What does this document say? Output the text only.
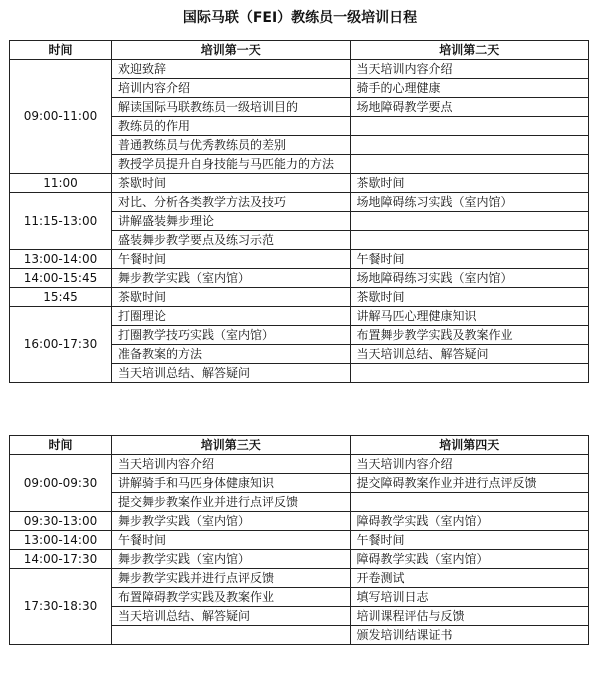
国际马联（FEI）教练员一级培训日程
时间	培训第一天	培训第二天
09:00-11:00	欢迎致辞	当天培训内容介绍
	培训内容介绍	骑手的心理健康
	解读国际马联教练员一级培训目的	场地障碍教学要点
	教练员的作用	
	普通教练员与优秀教练员的差别	
	教授学员提升自身技能与马匹能力的方法	
11:00	茶歇时间	茶歇时间
11:15-13:00	对比、分析各类教学方法及技巧	场地障碍练习实践（室内馆）
	讲解盛装舞步理论	
	盛装舞步教学要点及练习示范	
13:00-14:00	午餐时间	午餐时间
14:00-15:45	舞步教学实践（室内馆）	场地障碍练习实践（室内馆）
15:45	茶歇时间	茶歇时间
16:00-17:30	打圈理论	讲解马匹心理健康知识
	打圈教学技巧实践（室内馆）	布置舞步教学实践及教案作业
	准备教案的方法	当天培训总结、解答疑问
	当天培训总结、解答疑问	
时间	培训第三天	培训第四天
09:00-09:30	当天培训内容介绍	当天培训内容介绍
	讲解骑手和马匹身体健康知识	提交障碍教案作业并进行点评反馈
	提交舞步教案作业并进行点评反馈	
09:30-13:00	舞步教学实践（室内馆）	障碍教学实践（室内馆）
13:00-14:00	午餐时间	午餐时间
14:00-17:30	舞步教学实践（室内馆）	障碍教学实践（室内馆）
17:30-18:30	舞步教学实践并进行点评反馈	开卷测试
	布置障碍教学实践及教案作业	填写培训日志
	当天培训总结、解答疑问	培训课程评估与反馈
		颁发培训结课证书
